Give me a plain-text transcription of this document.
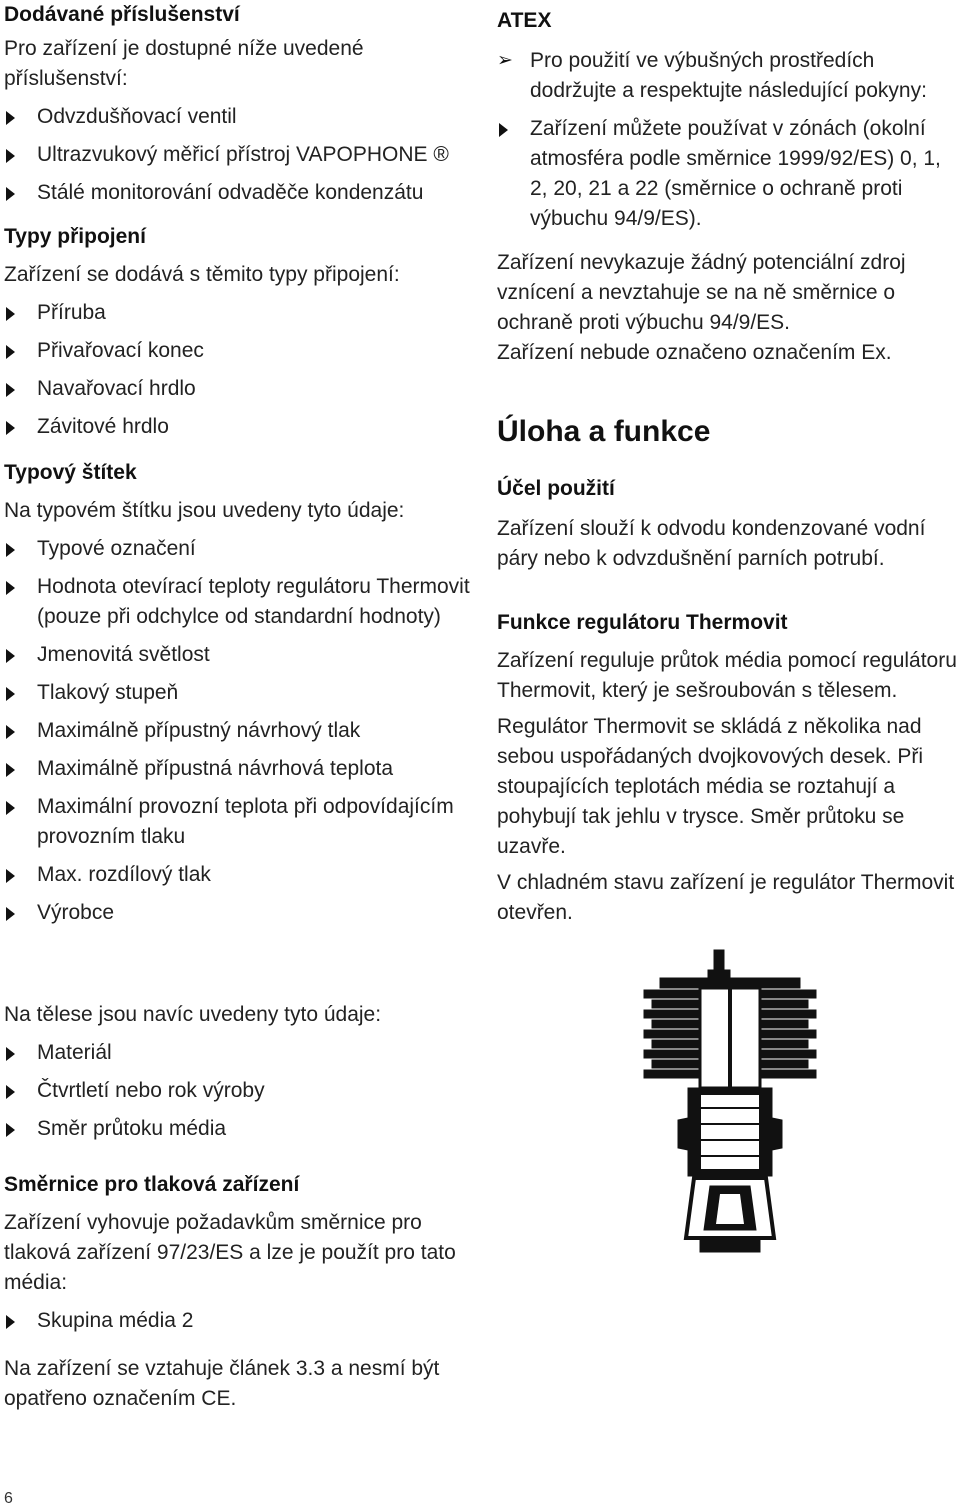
Dodávané příslušenství

Pro zařízení je dostupné níže uvedené příslušenství:

Odvzdušňovací ventil
Ultrazvukový měřicí přístroj VAPOPHONE ®
Stálé monitorování odvaděče kondenzátu
Typy připojení

Zařízení se dodává s těmito typy připojení:

Příruba
Přivařovací konec
Navařovací hrdlo
Závitové hrdlo
Typový štítek

Na typovém štítku jsou uvedeny tyto údaje:

Typové označení
Hodnota otevírací teploty regulátoru Thermovit (pouze při odchylce od standardní hodnoty)
Jmenovitá světlost
Tlakový stupeň
Maximálně přípustný návrhový tlak
Maximálně přípustná návrhová teplota
Maximální provozní teplota při odpovídajícím provozním tlaku
Max. rozdílový tlak
Výrobce

Na tělese jsou navíc uvedeny tyto údaje:

Materiál
Čtvrtletí nebo rok výroby
Směr průtoku média
Směrnice pro tlaková zařízení

Zařízení vyhovuje požadavkům směrnice pro tlaková zařízení 97/23/ES a lze je použít pro tato média:

Skupina média 2

Na zařízení se vztahuje článek 3.3 a nesmí být opatřeno označením CE.

ATEX
➢ Pro použití ve výbušných prostředích dodržujte a respektujte následující pokyny:
Zařízení můžete používat v zónách (okolní atmosféra podle směrnice 1999/92/ES) 0, 1, 2, 20, 21 a 22 (směrnice o ochraně proti výbuchu 94/9/ES).

Zařízení nevykazuje žádný potenciální zdroj vznícení a nevztahuje se na ně směrnice o ochraně proti výbuchu 94/9/ES.

Zařízení nebude označeno označením Ex.

Úloha a funkce
Účel použití

Zařízení slouží k odvodu kondenzované vodní páry nebo k odvzdušnění parních potrubí.

Funkce regulátoru Thermovit

Zařízení reguluje průtok média pomocí regulátoru Thermovit, který je sešroubován s tělesem.

Regulátor Thermovit se skládá z několika nad sebou uspořádaných dvojkovových desek. Při stoupajících teplotách média se roztahují a pohybují tak jehlu v trysce. Směr průtoku se uzavře.

V chladném stavu zařízení je regulátor Thermovit otevřen.

6
